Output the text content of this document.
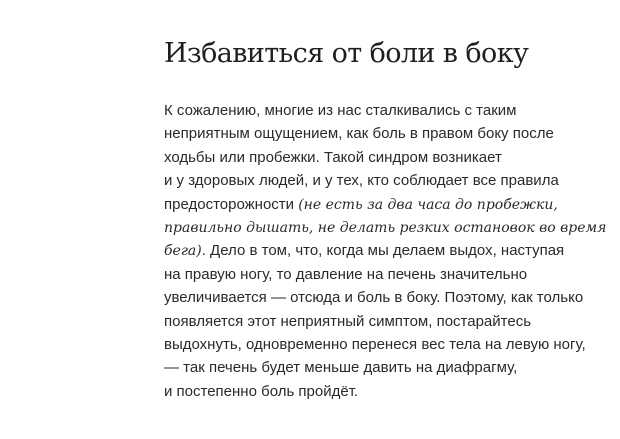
Избавиться от боли в боку
К сожалению, многие из нас сталкивались с таким
неприятным ощущением, как боль в правом боку после
ходьбы или пробежки. Такой синдром возникает
и у здоровых людей, и у тех, кто соблюдает все правила
предосторожности (не есть за два часа до пробежки,
правильно дышать, не делать резких остановок во время
бега). Дело в том, что, когда мы делаем выдох, наступая
на правую ногу, то давление на печень значительно
увеличивается — отсюда и боль в боку. Поэтому, как только
появляется этот неприятный симптом, постарайтесь
выдохнуть, одновременно перенеся вес тела на левую ногу,
— так печень будет меньше давить на диафрагму,
и постепенно боль пройдёт.
